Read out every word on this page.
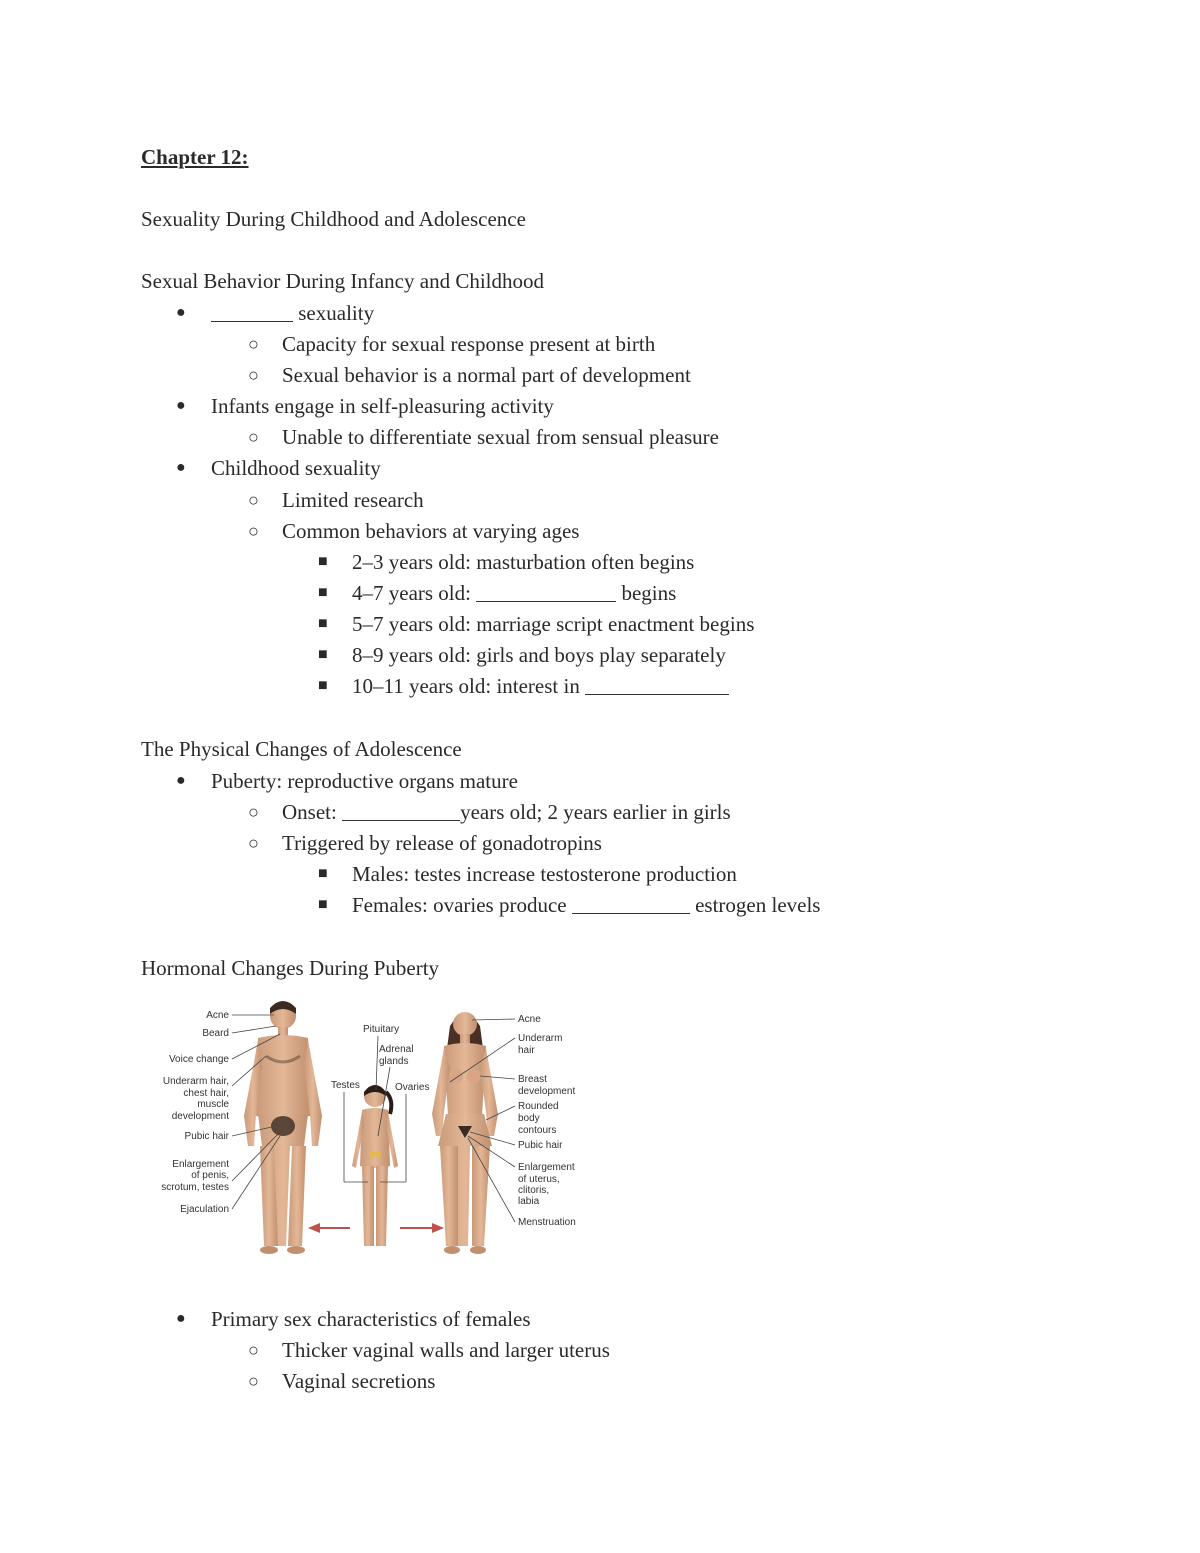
Chapter 12:
Sexuality During Childhood and Adolescence
Sexual Behavior During Infancy and Childhood
●	sexuality
○ Capacity for sexual response present at birth
○ Sexual behavior is a normal part of development
● Infants engage in self-pleasuring activity
○ Unable to differentiate sexual from sensual pleasure
● Childhood sexuality
○ Limited research
○ Common behaviors at varying ages
■ 2–3 years old: masturbation often begins
■ 4–7 years old:	begins
■ 5–7 years old: marriage script enactment begins
■ 8–9 years old: girls and boys play separately
■ 10–11 years old: interest in
The Physical Changes of Adolescence
● Puberty: reproductive organs mature
○ Onset:	years old; 2 years earlier in girls
○ Triggered by release of gonadotropins
■ Males: testes increase testosterone production
■ Females: ovaries produce	estrogen levels
Hormonal Changes During Puberty
Acne
Beard
Voice change
Underarm hair,
chest hair,
muscle
development
Pubic hair
Enlargement
of penis,
scrotum, testes
Ejaculation
Pituitary
Adrenal
glands
Testes	Ovaries
Acne
Underarm
hair
Breast
development
Rounded
body
contours
Pubic hair
Enlargement
of uterus,
clitoris,
labia
Menstruation
● Primary sex characteristics of females
○ Thicker vaginal walls and larger uterus
○ Vaginal secretions
